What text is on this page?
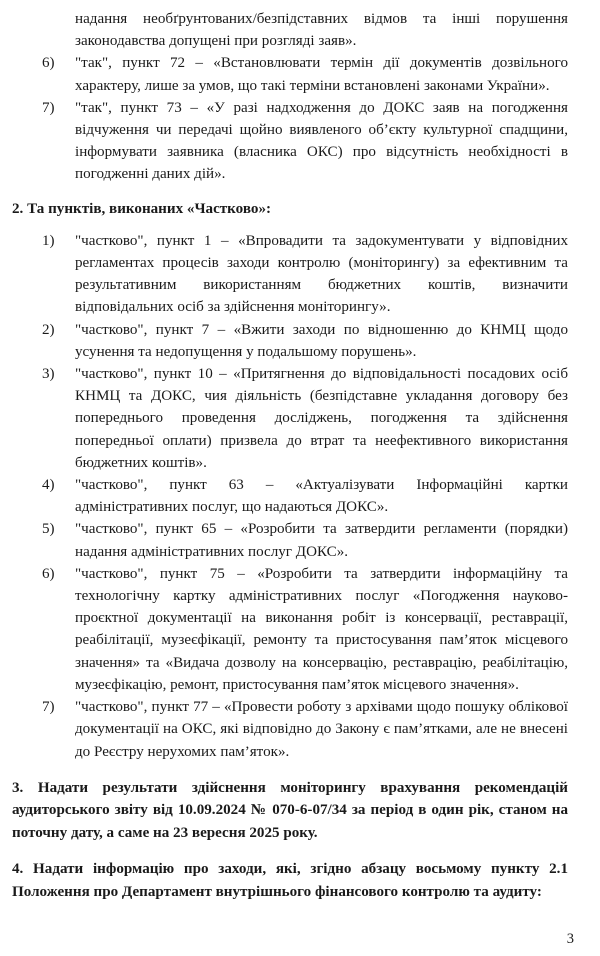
надання необґрунтованих/безпідставних відмов та інші порушення законодавства допущені при розгляді заяв».

6)	"так", пункт 72 – «Встановлювати термін дії документів дозвільного характеру, лише за умов, що такі терміни встановлені законами України».
7)	"так", пункт 73 – «У разі надходження до ДОКС заяв на погодження відчуження чи передачі щойно виявленого об’єкту культурної спадщини, інформувати заявника (власника ОКС) про відсутність необхідності в погодженні даних дій».

2. Та пунктів, виконаних «Частково»:

1)	"частково", пункт 1 – «Впровадити та задокументувати у відповідних регламентах процесів заходи контролю (моніторингу) за ефективним та результативним використанням бюджетних коштів, визначити відповідальних осіб за здійснення моніторингу».
2)	"частково", пункт 7 – «Вжити заходи по відношенню до КНМЦ щодо усунення та недопущення у подальшому порушень».
3)	"частково", пункт 10 – «Притягнення до відповідальності посадових осіб КНМЦ та ДОКС, чия діяльність (безпідставне укладання договору без попереднього проведення досліджень, погодження та здійснення попередньої оплати) призвела до втрат та неефективного використання бюджетних коштів».
4)	"частково", пункт 63 – «Актуалізувати Інформаційні картки адміністративних послуг, що надаються ДОКС».
5)	"частково", пункт 65 – «Розробити та затвердити регламенти (порядки) надання адміністративних послуг ДОКС».
6)	"частково", пункт 75 – «Розробити та затвердити інформаційну та технологічну картку адміністративних послуг «Погодження науково-проєктної документації на виконання робіт із консервації, реставрації, реабілітації, музеєфікації, ремонту та пристосування пам’яток місцевого значення» та «Видача дозволу на консервацію, реставрацію, реабілітацію, музеєфікацію, ремонт, пристосування пам’яток місцевого значення».
7)	"частково", пункт 77 – «Провести роботу з архівами щодо пошуку облікової документації на ОКС, які відповідно до Закону є пам’ятками, але не внесені до Реєстру нерухомих пам’яток».

3. Надати результати здійснення моніторингу врахування рекомендацій аудиторського звіту від 10.09.2024 № 070-6-07/34 за період в один рік, станом на поточну дату, а саме на 23 вересня 2025 року.

4. Надати інформацію про заходи, які, згідно абзацу восьмому пункту 2.1 Положення про Департамент внутрішнього фінансового контролю та аудиту:

3
